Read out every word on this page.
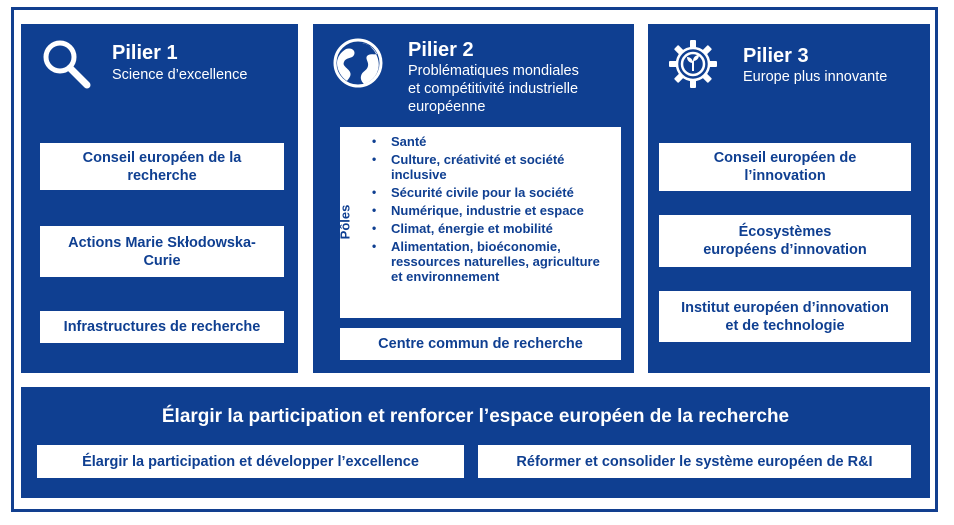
Pilier 1
Science d’excellence
Conseil européen de la
recherche
Actions Marie Skłodowska-
Curie
Infrastructures de recherche
Pilier 2
Problématiques mondiales
et compétitivité industrielle
européenne
Pôles
• Santé
• Culture, créativité et société inclusive
• Sécurité civile pour la société
• Numérique, industrie et espace
• Climat, énergie et mobilité
• Alimentation, bioéconomie, ressources naturelles, agriculture et environnement
Centre commun de recherche
Pilier 3
Europe plus innovante
Conseil européen de
l’innovation
Écosystèmes
européens d’innovation
Institut européen d’innovation
et de technologie
Élargir la participation et renforcer l’espace européen de la recherche
Élargir la participation et développer l’excellence	Réformer et consolider le système européen de R&I
